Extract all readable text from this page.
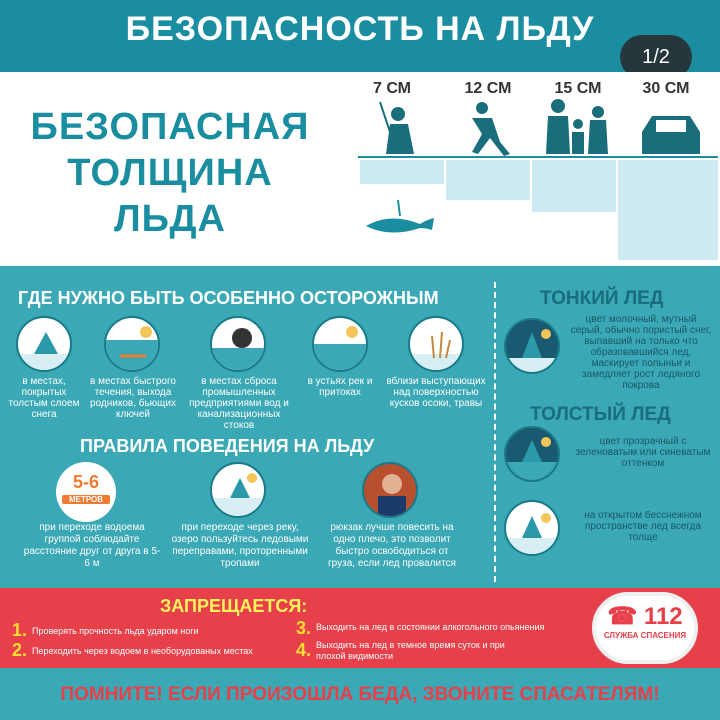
БЕЗОПАСНОСТЬ НА ЛЬДУ
1/2
БЕЗОПАСНАЯ
ТОЛЩИНА
ЛЬДА
7 СМ	12 СМ	15 СМ	30 СМ
ГДЕ НУЖНО БЫТЬ ОСОБЕННО ОСТОРОЖНЫМ
в местах, покрытых толстым слоем снега
в местах быстрого течения, выхода родников, бьющих ключей
в местах сброса промышленных предприятиями вод и канализационных стоков
в устьях рек и притоках
вблизи выступающих над поверхностью кусков осоки, травы
ПРАВИЛА ПОВЕДЕНИЯ НА ЛЬДУ
5-6
МЕТРОВ
при переходе водоема группой соблюдайте расстояние друг от друга в 5-6 м
при переходе через реку, озеро пользуйтесь ледовыми переправами, проторенными тропами
рюкзак лучше повесить на одно плечо, это позволит быстро освободиться от груза, если лед провалится
ТОНКИЙ ЛЕД
цвет молочный, мутный серый, обычно пористый снег, выпавший на только что образовавшийся лед, маскирует полыньи и замедляет рост ледяного покрова
ТОЛСТЫЙ ЛЕД
цвет прозрачный с зеленоватым или синеватым оттенком
на открытом бесснежном пространстве лед всегда толще
ЗАПРЕЩАЕТСЯ:
1. Проверять прочность льда ударом ноги
2. Переходить через водоем в необорудованых местах
3. Выходить на лед в состоянии алкогольного опьянения
4. Выходить на лед в темное время суток и при плохой видимости
☎ 112
СЛУЖБА СПАСЕНИЯ
ПОМНИТЕ! ЕСЛИ ПРОИЗОШЛА БЕДА, ЗВОНИТЕ СПАСАТЕЛЯМ!
